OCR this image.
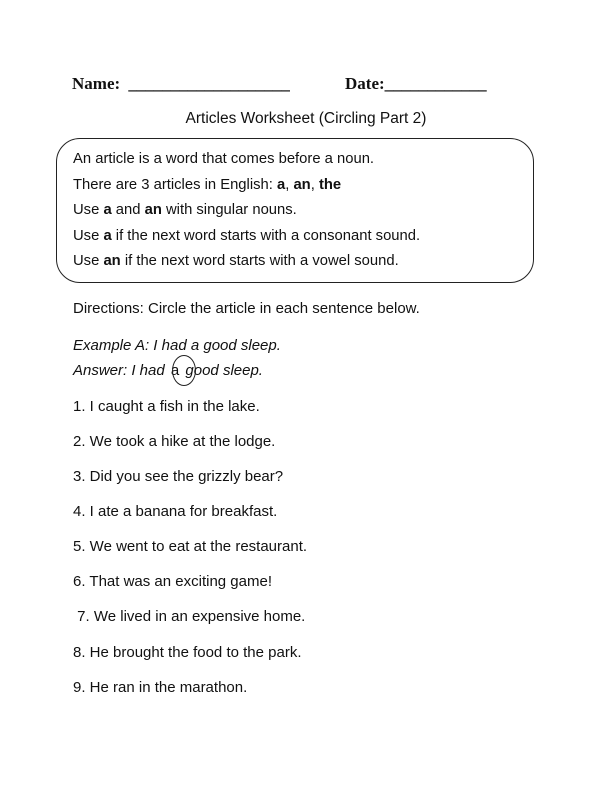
Name: ___________________	Date:____________
Articles Worksheet (Circling Part 2)
An article is a word that comes before a noun.
There are 3 articles in English: a, an, the
Use a and an with singular nouns.
Use a if the next word starts with a consonant sound.
Use an if the next word starts with a vowel sound.
Directions: Circle the article in each sentence below.
Example A: I had a good sleep.
Answer: I had a good sleep.
1. I caught a fish in the lake.
2. We took a hike at the lodge.
3. Did you see the grizzly bear?
4. I ate a banana for breakfast.
5. We went to eat at the restaurant.
6. That was an exciting game!
7. We lived in an expensive home.
8. He brought the food to the park.
9. He ran in the marathon.
